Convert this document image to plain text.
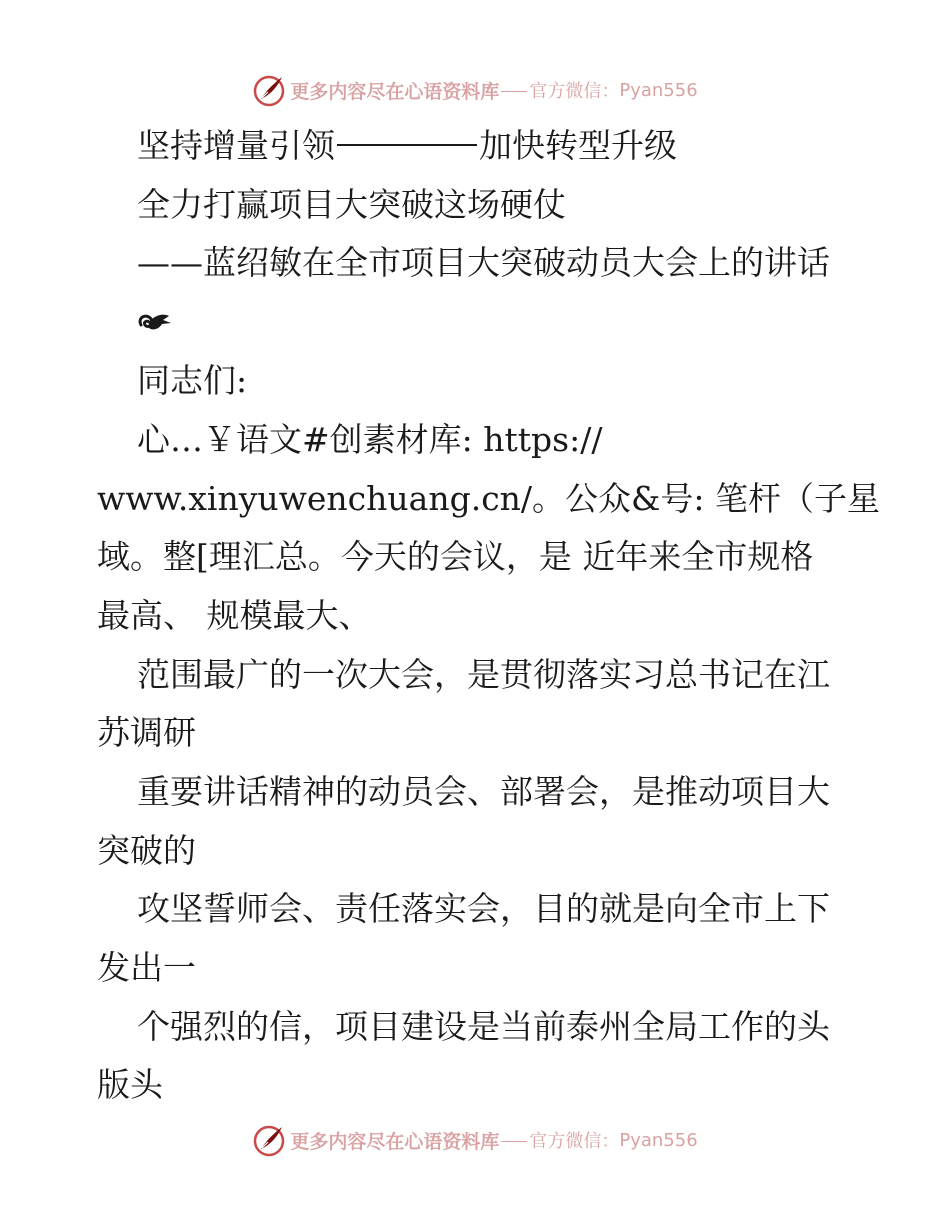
更多内容尽在心语资料库 官方微信： Pyan556
坚持增量引领	加快转型升级
全力打赢项目大突破这场硬仗
——蓝绍敏在全市项目大突破动员大会上的讲话
同志们:
心…￥语文#创素材库: https://
www.xinyuwenchuang.cn/。公众&号: 笔杆（子星
域。整[理汇总。今天的会议，是 近年来全市规格
最高、 规模最大、
范围最广的一次大会，是贯彻落实习总书记在江
苏调研
重要讲话精神的动员会、部署会，是推动项目大
突破的
攻坚誓师会、责任落实会，目的就是向全市上下
发出一
个强烈的信，项目建设是当前泰州全局工作的头
版头
更多内容尽在心语资料库 官方微信： Pyan556
